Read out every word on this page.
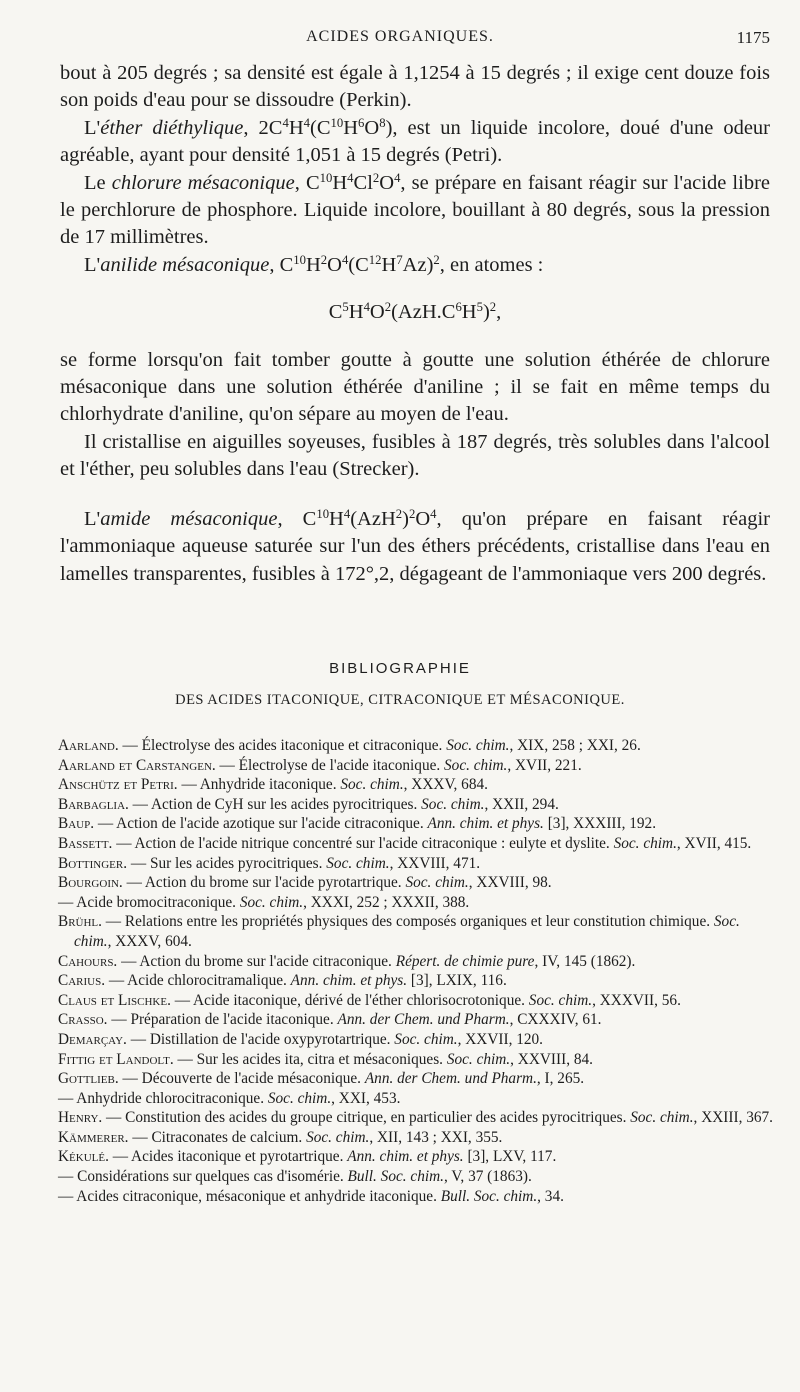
ACIDES ORGANIQUES.	1175

bout à 205 degrés ; sa densité est égale à 1,1254 à 15 degrés ; il exige cent douze fois son poids d'eau pour se dissoudre (Perkin).

L'éther diéthylique, $2C^4H^4(C^{10}H^6O^8)$, est un liquide incolore, doué d'une odeur agréable, ayant pour densité 1,051 à 15 degrés (Petri).

Le chlorure mésaconique, $C^{10}H^4Cl^2O^4$, se prépare en faisant réagir sur l'acide libre le perchlorure de phosphore. Liquide incolore, bouillant à 80 degrés, sous la pression de 17 millimètres.

L'anilide mésaconique, $C^{10}H^2O^4(C^{12}H^7Az)^2$, en atomes :

$C^5H^4O^2(AzH.C^6H^5)^2$,

se forme lorsqu'on fait tomber goutte à goutte une solution éthérée de chlorure mésaconique dans une solution éthérée d'aniline ; il se fait en même temps du chlorhydrate d'aniline, qu'on sépare au moyen de l'eau.

Il cristallise en aiguilles soyeuses, fusibles à 187 degrés, très solubles dans l'alcool et l'éther, peu solubles dans l'eau (Strecker).

L'amide mésaconique, $C^{10}H^4(AzH^2)^2O^4$, qu'on prépare en faisant réagir l'ammoniaque aqueuse saturée sur l'un des éthers précédents, cristallise dans l'eau en lamelles transparentes, fusibles à 172°,2, dégageant de l'ammoniaque vers 200 degrés.

BIBLIOGRAPHIE
DES ACIDES ITACONIQUE, CITRACONIQUE ET MÉSACONIQUE.
Aarland. — Électrolyse des acides itaconique et citraconique. Soc. chim., XIX, 258 ; XXI, 26.
Aarland et Carstangen. — Électrolyse de l'acide itaconique. Soc. chim., XVII, 221.
Anschütz et Petri. — Anhydride itaconique. Soc. chim., XXXV, 684.
Barbaglia. — Action de CyH sur les acides pyrocitriques. Soc. chim., XXII, 294.
Baup. — Action de l'acide azotique sur l'acide citraconique. Ann. chim. et phys. [3], XXXIII, 192.
Bassett. — Action de l'acide nitrique concentré sur l'acide citraconique : eulyte et dyslite. Soc. chim., XVII, 415.
Bottinger. — Sur les acides pyrocitriques. Soc. chim., XXVIII, 471.
Bourgoin. — Action du brome sur l'acide pyrotartrique. Soc. chim., XXVIII, 98.
— Acide bromocitraconique. Soc. chim., XXXI, 252 ; XXXII, 388.
Brühl. — Relations entre les propriétés physiques des composés organiques et leur constitution chimique. Soc. chim., XXXV, 604.
Cahours. — Action du brome sur l'acide citraconique. Répert. de chimie pure, IV, 145 (1862).
Carius. — Acide chlorocitramalique. Ann. chim. et phys. [3], LXIX, 116.
Claus et Lischke. — Acide itaconique, dérivé de l'éther chlorisocrotonique. Soc. chim., XXXVII, 56.
Crasso. — Préparation de l'acide itaconique. Ann. der Chem. und Pharm., CXXXIV, 61.
Demarçay. — Distillation de l'acide oxypyrotartrique. Soc. chim., XXVII, 120.
Fittig et Landolt. — Sur les acides ita, citra et mésaconiques. Soc. chim., XXVIII, 84.
Gottlieb. — Découverte de l'acide mésaconique. Ann. der Chem. und Pharm., I, 265.
— Anhydride chlorocitraconique. Soc. chim., XXI, 453.
Henry. — Constitution des acides du groupe citrique, en particulier des acides pyrocitriques. Soc. chim., XXIII, 367.
Kämmerer. — Citraconates de calcium. Soc. chim., XII, 143 ; XXI, 355.
Kékulé. — Acides itaconique et pyrotartrique. Ann. chim. et phys. [3], LXV, 117.
— Considérations sur quelques cas d'isomérie. Bull. Soc. chim., V, 37 (1863).
— Acides citraconique, mésaconique et anhydride itaconique. Bull. Soc. chim., 34.
